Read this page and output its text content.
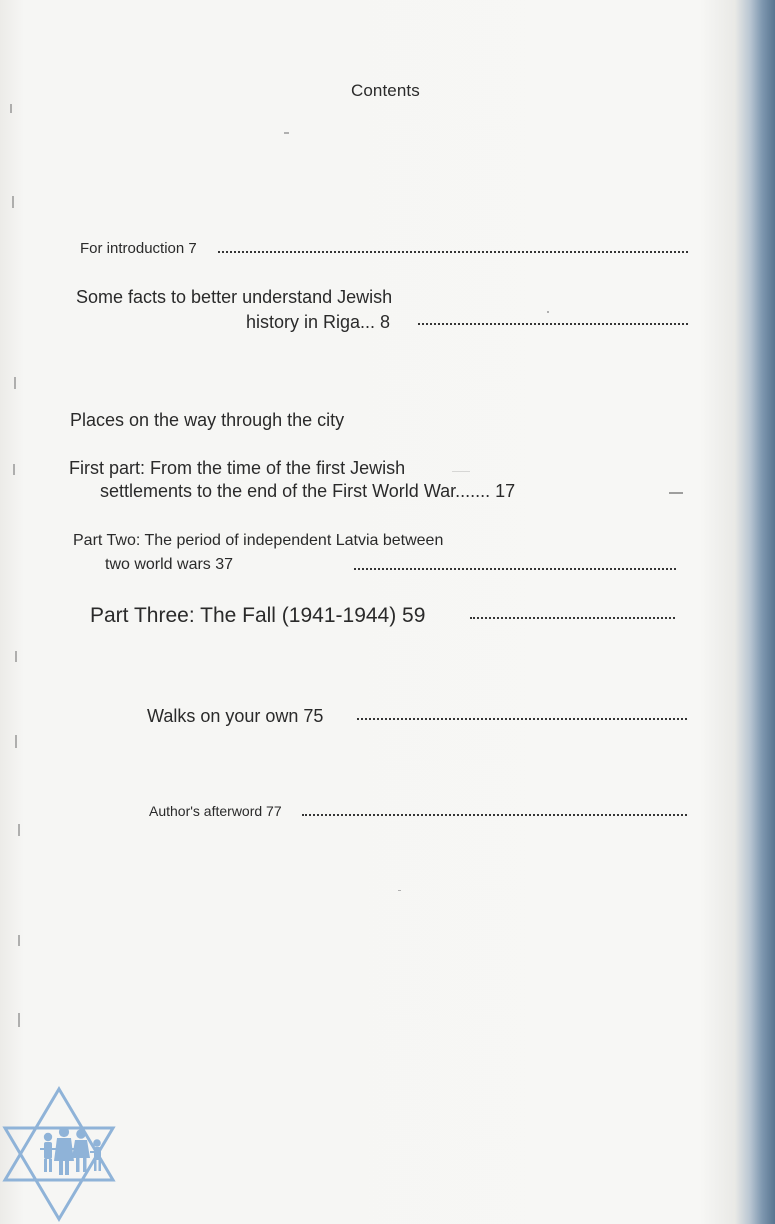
Contents
For introduction 7
Some facts to better understand Jewish
history in Riga... 8
Places on the way through the city
First part: From the time of the first Jewish
settlements to the end of the First World War....... 17
Part Two: The period of independent Latvia between
two world wars 37
Part Three: The Fall (1941-1944) 59
Walks on your own 75
Author's afterword 77
